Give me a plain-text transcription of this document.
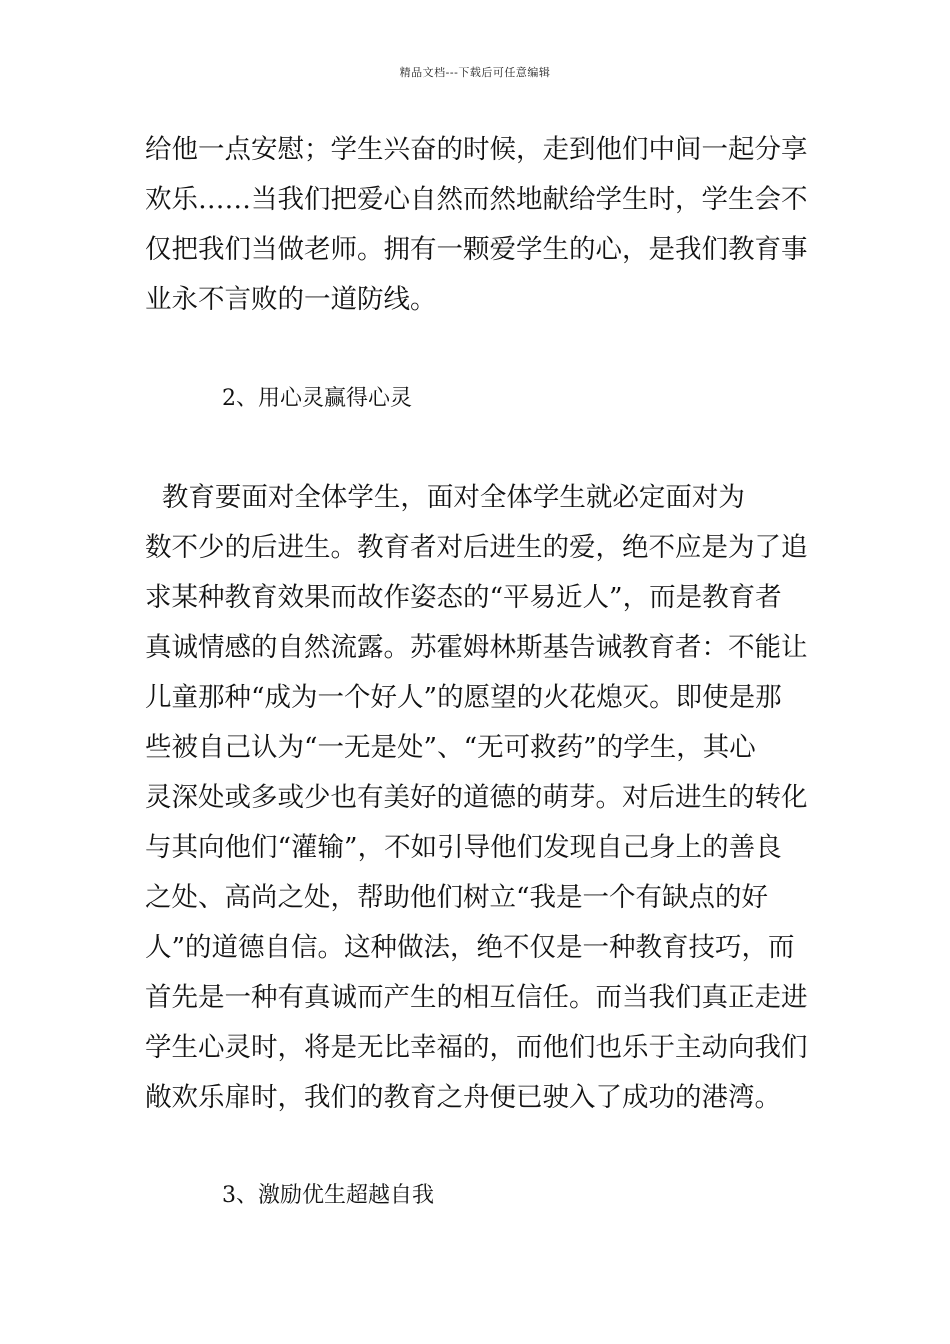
精品文档---下载后可任意编辑
给他一点安慰；学生兴奋的时候，走到他们中间一起分享
欢乐……当我们把爱心自然而然地献给学生时，学生会不
仅把我们当做老师。拥有一颗爱学生的心，是我们教育事
业永不言败的一道防线。
2、用心灵赢得心灵
教育要面对全体学生，面对全体学生就必定面对为
数不少的后进生。教育者对后进生的爱，绝不应是为了追
求某种教育效果而故作姿态的“平易近人”，而是教育者
真诚情感的自然流露。苏霍姆林斯基告诫教育者：不能让
儿童那种“成为一个好人”的愿望的火花熄灭。即使是那
些被自己认为“一无是处”、“无可救药”的学生，其心
灵深处或多或少也有美好的道德的萌芽。对后进生的转化
与其向他们“灌输”，不如引导他们发现自己身上的善良
之处、高尚之处，帮助他们树立“我是一个有缺点的好
人”的道德自信。这种做法，绝不仅是一种教育技巧，而
首先是一种有真诚而产生的相互信任。而当我们真正走进
学生心灵时，将是无比幸福的，而他们也乐于主动向我们
敞欢乐扉时，我们的教育之舟便已驶入了成功的港湾。
3、激励优生超越自我
